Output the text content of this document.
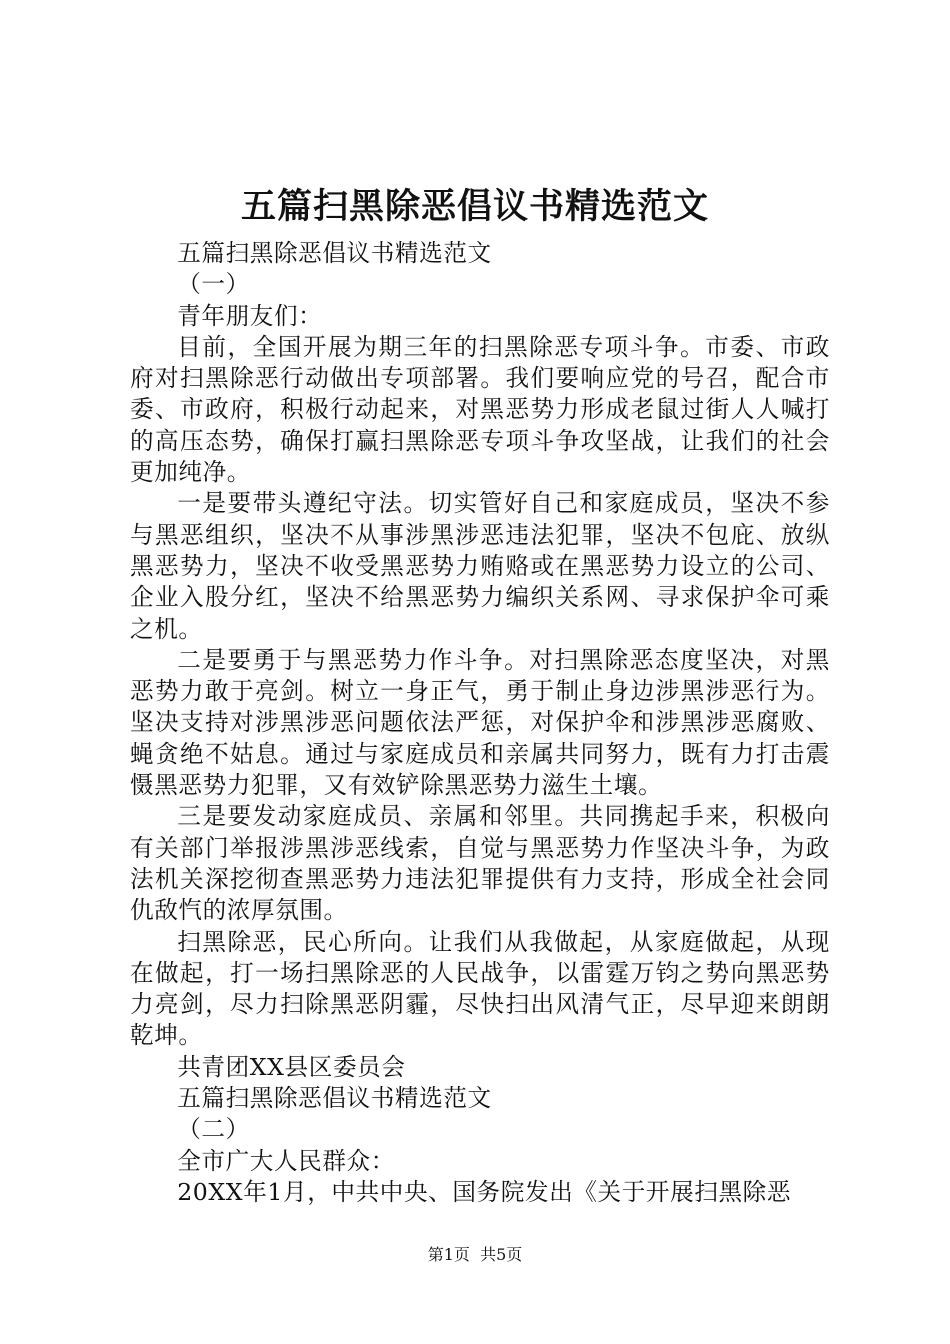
五篇扫黑除恶倡议书精选范文

五篇扫黑除恶倡议书精选范文

（一）

青年朋友们：

目前，全国开展为期三年的扫黑除恶专项斗争。市委、市政府对扫黑除恶行动做出专项部署。我们要响应党的号召，配合市委、市政府，积极行动起来，对黑恶势力形成老鼠过街人人喊打的高压态势，确保打赢扫黑除恶专项斗争攻坚战，让我们的社会更加纯净。

一是要带头遵纪守法。切实管好自己和家庭成员，坚决不参与黑恶组织，坚决不从事涉黑涉恶违法犯罪，坚决不包庇、放纵黑恶势力，坚决不收受黑恶势力贿赂或在黑恶势力设立的公司、企业入股分红，坚决不给黑恶势力编织关系网、寻求保护伞可乘之机。

二是要勇于与黑恶势力作斗争。对扫黑除恶态度坚决，对黑恶势力敢于亮剑。树立一身正气，勇于制止身边涉黑涉恶行为。坚决支持对涉黑涉恶问题依法严惩，对保护伞和涉黑涉恶腐败、蝇贪绝不姑息。通过与家庭成员和亲属共同努力，既有力打击震慑黑恶势力犯罪，又有效铲除黑恶势力滋生土壤。

三是要发动家庭成员、亲属和邻里。共同携起手来，积极向有关部门举报涉黑涉恶线索，自觉与黑恶势力作坚决斗争，为政法机关深挖彻查黑恶势力违法犯罪提供有力支持，形成全社会同仇敌忾的浓厚氛围。

扫黑除恶，民心所向。让我们从我做起，从家庭做起，从现在做起，打一场扫黑除恶的人民战争，以雷霆万钧之势向黑恶势力亮剑，尽力扫除黑恶阴霾，尽快扫出风清气正，尽早迎来朗朗乾坤。

共青团XX县区委员会

五篇扫黑除恶倡议书精选范文

（二）

全市广大人民群众：

20XX年1月，中共中央、国务院发出《关于开展扫黑除恶

第1页  共5页
